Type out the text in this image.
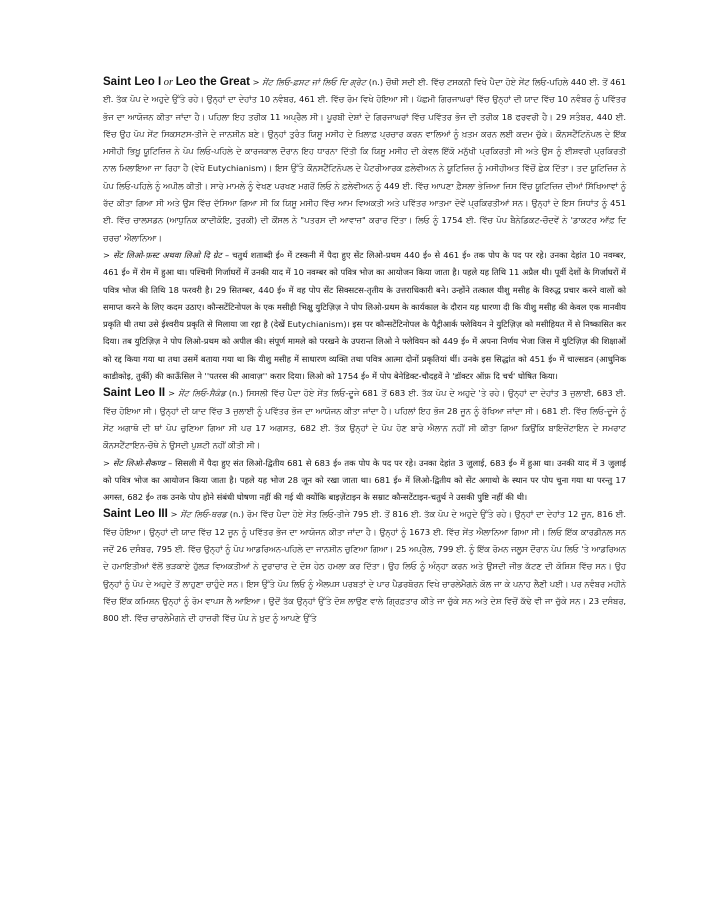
Saint Leo I or Leo the Great > ਸੇਂਟ ਲਿਓ-ਫ਼ਸਟ ਜਾਂ ਲਿਓ ਦਿ ਗ੍ਰੇਟ (n.) ਚੌਥੀ ਸਦੀ ਈ. ਵਿੱਚ ਟਸਕਨੀ ਵਿਖੇ ਪੈਦਾ ਹੋਏ ਸੇਂਟ ਲਿਓ-ਪਹਿਲੇ 440 ਈ. ਤੋਂ 461 ਈ. ਤੱਕ ਪੋਪ ਦੇ ਅਹੁਦੇ ਉੱਤੇ ਰਹੇ। ਉਨ੍ਹਾਂ ਦਾ ਦੇਹਾਂਤ 10 ਨਵੰਬਰ, 461 ਈ. ਵਿੱਚ ਰੋਮ ਵਿਖੇ ਹੋਇਆ ਸੀ। ਪੱਛਮੀ ਗਿਰਜਾਘਰਾਂ ਵਿੱਚ ਉਨ੍ਹਾਂ ਦੀ ਯਾਦ ਵਿੱਚ 10 ਨਵੰਬਰ ਨੂੰ ਪਵਿੱਤਰ ਭੋਜ ਦਾ ਆਯੋਜਨ ਕੀਤਾ ਜਾਂਦਾ ਹੈ। ਪਹਿਲਾ ਇਹ ਤਰੀਕ 11 ਅਪ੍ਰੈਲ ਸੀ। ਪੂਰਬੀ ਦੇਸ਼ਾਂ ਦੇ ਗਿਰਜਾਘਰਾਂ ਵਿੱਚ ਪਵਿੱਤਰ ਭੋਜ ਦੀ ਤਰੀਕ 18 ਫਰਵਰੀ ਹੈ। 29 ਸਤੰਬਰ, 440 ਈ. ਵਿੱਚ ਉਹ ਪੋਪ ਸੇਂਟ ਸਿਕਸਟਸ-ਤੀਜੇ ਦੇ ਜਾਨਸ਼ੀਨ ਬਣੇ। ਉਨ੍ਹਾਂ ਤੁਰੰਤ ਯਿਸੂ ਮਸੀਹ ਦੇ ਖ਼ਿਲਾਫ਼ ਪ੍ਰਚਾਰ ਕਰਨ ਵਾਲਿਆਂ ਨੂੰ ਖ਼ਤਮ ਕਰਨ ਲਈ ਕਦਮ ਚੁੱਕੇ। ਕੌਨਸਟੈਂਟਿਨੋਪਲ ਦੇ ਇੱਕ ਮਸੀਹੀ ਭਿਖ਼ੂ ਯੂਟਿਜ਼ਿਜ਼ ਨੇ ਪੋਪ ਲਿਓ-ਪਹਿਲੇ ਦੇ ਕਾਰਜਕਾਲ ਦੌਰਾਨ ਇਹ ਧਾਰਨਾ ਦਿੱਤੀ ਕਿ ਯਿਸੂ ਮਸੀਹ ਦੀ ਕੇਵਲ ਇੱਕੋ ਮਨੁੱਖੀ ਪ੍ਰਕਿਰਤੀ ਸੀ ਅਤੇ ਉਸ ਨੂੰ ਈਸ਼ਵਰੀ ਪ੍ਰਕਿਰਤੀ ਨਾਲ ਮਿਲਾਇਆ ਜਾ ਰਿਹਾ ਹੈ (ਵੇਖੋ Eutychianism)। ਇਸ ਉੱਤੇ ਕੌਨਸਟੈਂਟਿਨੋਪਲ ਦੇ ਪੈਟਰੀਆਰਕ ਫ਼ਲੇਵੀਅਨ ਨੇ ਯੂਟਿਜ਼ਿਜ਼ ਨੂੰ ਮਸੀਹੀਅਤ ਵਿੱਚੋਂ ਛੇਕ ਦਿੱਤਾ। ਤਦ ਯੂਟਿਜ਼ਿਜ਼ ਨੇ ਪੋਪ ਲਿਓ-ਪਹਿਲੇ ਨੂੰ ਅਪੀਲ ਕੀਤੀ। ਸਾਰੇ ਮਾਮਲੇ ਨੂੰ ਵੇਖਣ ਪਰਖਣ ਮਗਰੋਂ ਲਿਓ ਨੇ ਫ਼ਲੇਵੀਅਨ ਨੂੰ 449 ਈ. ਵਿੱਚ ਆਪਣਾ ਫ਼ੈਸਲਾ ਭੇਜਿਆ ਜਿਸ ਵਿੱਚ ਯੂਟਿਜ਼ਿਜ਼ ਦੀਆਂ ਸਿੱਖਿਆਵਾਂ ਨੂੰ ਰੱਦ ਕੀਤਾ ਗਿਆ ਸੀ ਅਤੇ ਉਸ ਵਿੱਚ ਦੱਸਿਆ ਗਿਆ ਸੀ ਕਿ ਯਿਸੂ ਮਸੀਹ ਵਿੱਚ ਆਮ ਵਿਅਕਤੀ ਅਤੇ ਪਵਿੱਤਰ ਆਤਮਾ ਦੋਵੇਂ ਪ੍ਰਕਿਰਤੀਆਂ ਸਨ। ਉਨ੍ਹਾਂ ਦੇ ਇਸ ਸਿਧਾਂਤ ਨੂੰ 451 ਈ. ਵਿੱਚ ਚਾਲਸਡਨ (ਆਧੁਨਿਕ ਕਾਦੀਕੋਇ, ਤੁਰਕੀ) ਦੀ ਕੌਂਸਲ ਨੇ "ਪਤਰਸ ਦੀ ਆਵਾਜ਼" ਕਰਾਰ ਦਿੱਤਾ। ਲਿਓ ਨੂੰ 1754 ਈ. ਵਿੱਚ ਪੋਪ ਬੈਨੇਡਿਕਟ-ਚੌਦਵੇਂ ਨੇ 'ਡਾਕਟਰ ਆੱਫ਼ ਦਿ ਚਰਚ' ਐਲਾਨਿਆ।

> सेंट लिओ-फ़स्ट अथवा लिओ दि ग्रेट – चतुर्थ शताब्दी ई० में टस्कनी में पैदा हुए सेंट लिओ-प्रथम 440 ई० से 461 ई० तक पोप के पद पर रहे। उनका देहांत 10 नवम्बर, 461 ई० में रोम में हुआ था। पश्चिमी गिर्जाघरों में उनकी याद में 10 नवम्बर को पवित्र भोज का आयोजन किया जाता है। पहले यह तिथि 11 अप्रैल थी। पूर्वी देशों के गिर्जाघरों में पवित्र भोज की तिथि 18 फरवरी है। 29 सितम्बर, 440 ई० में वह पोप सेंट सिक्सटस-तृतीय के उत्तराधिकारी बने। उन्होंने तत्काल यीशु मसीह के विरुद्ध प्रचार करने वालों को समाप्त करने के लिए कदम उठाए। कौन्सटेंटिनोपल के एक मसीही भिक्षु युटिज़िज़ ने पोप लिओ-प्रथम के कार्यकाल के दौरान यह धारणा दी कि यीशु मसीह की केवल एक मानवीय प्रकृति थी तथा उसे ईश्वरीय प्रकृति से मिलाया जा रहा है (देखें Eutychianism)। इस पर कौन्सटेंटिनोपल के पैट्रीआर्क फ्लेवियन ने युटिज़िज़ को मसीहियत में से निष्कासित कर दिया। तब युटिज़िज़ ने पोप लिओ-प्रथम को अपील की। संपूर्ण मामले को परखने के उपरान्त लिओ ने फ्लेवियन को 449 ई० में अपना निर्णय भेजा जिस में युटिज़िज़ की शिक्षाओं को रद्द किया गया था तथा उसमें बताया गया था कि यीशु मसीह में साधारण व्यक्ति तथा पवित्र आत्मा दोनों प्रकृतियां थीं। उनके इस सिद्धांत को 451 ई० में चाल्सडन (आधुनिक काडीकोइ, तुर्की) की काऊँसिल ने ''पतरस की आवाज़'' करार दिया। लिओ को 1754 ई० में पोप बेनेडिक्ट-चौदहवें ने 'डॉक्टर ऑफ़ दि चर्च' घोषित किया।

Saint Leo II > ਸੇਂਟ ਲਿਓ-ਸੈਕੰਡ (n.) ਸਿਸਲੀ ਵਿੱਚ ਪੈਦਾ ਹੋਏ ਸੇਂਤ ਲਿਓ-ਦੂਜੇ 681 ਤੋਂ 683 ਈ. ਤੱਕ ਪੋਪ ਦੇ ਅਹੁਦੇ 'ਤੇ ਰਹੇ। ਉਨ੍ਹਾਂ ਦਾ ਦੇਹਾਂਤ 3 ਜੁਲਾਈ, 683 ਈ. ਵਿੱਚ ਹੋਇਆ ਸੀ। ਉਨ੍ਹਾਂ ਦੀ ਯਾਦ ਵਿੱਚ 3 ਜੁਲਾਈ ਨੂੰ ਪਵਿੱਤਰ ਭੋਜ ਦਾ ਆਯੋਜਨ ਕੀਤਾ ਜਾਂਦਾ ਹੈ। ਪਹਿਲਾਂ ਇਹ ਭੋਜ 28 ਜੂਨ ਨੂੰ ਰੱਖਿਆ ਜਾਂਦਾ ਸੀ। 681 ਈ. ਵਿੱਚ ਲਿਓ-ਦੂਜੇ ਨੂੰ ਸੇਂਟ ਅਗਾਥੋ ਦੀ ਥਾਂ ਪੋਪ ਚੁਣਿਆ ਗਿਆ ਸੀ ਪਰ 17 ਅਗਸਤ, 682 ਈ. ਤੱਕ ਉਨ੍ਹਾਂ ਦੇ ਪੋਪ ਹੋਣ ਬਾਰੇ ਐਲਾਨ ਨਹੀਂ ਸੀ ਕੀਤਾ ਗਿਆ ਕਿਉਂਕਿ ਬਾਇਜ਼ੇਂਟਾਇਨ ਦੇ ਸਮਰਾਟ ਕੌਨਸਟੈਂਟਾਇਨ-ਚੌਥੇ ਨੇ ਉਸਦੀ ਪੁਸ਼ਟੀ ਨਹੀਂ ਕੀਤੀ ਸੀ।

> सेंट लिओ-सैकण्ड – सिसली में पैदा हुए संत लिओ-द्वितीय 681 से 683 ई० तक पोप के पद पर रहे। उनका देहांत 3 जुलाई, 683 ई० में हुआ था। उनकी याद में 3 जुलाई को पवित्र भोज का आयोजन किया जाता है। पहले यह भोज 28 जून को रखा जाता था। 681 ई० में लिओ-द्वितीय को सेंट अगाथो के स्थान पर पोप चुना गया था परन्तु 17 अगस्त, 682 ई० तक उनके पोप होने संबंधी घोषणा नहीं की गई थी क्योंकि बाइज़ेंटाइन के सम्राट कौन्सटेंटाइन-चतुर्थ ने उसकी पुष्टि नहीं की थी।

Saint Leo III > ਸੇਂਟ ਲਿਓ-ਥਰਡ (n.) ਰੋਮ ਵਿੱਚ ਪੈਦਾ ਹੋਏ ਸੇਂਤ ਲਿਓ-ਤੀਜੇ 795 ਈ. ਤੋਂ 816 ਈ. ਤੱਕ ਪੋਪ ਦੇ ਅਹੁਦੇ ਉੱਤੇ ਰਹੇ। ਉਨ੍ਹਾਂ ਦਾ ਦੇਹਾਂਤ 12 ਜੂਨ, 816 ਈ. ਵਿੱਚ ਹੋਇਆ। ਉਨ੍ਹਾਂ ਦੀ ਯਾਦ ਵਿੱਚ 12 ਜੂਨ ਨੂੰ ਪਵਿੱਤਰ ਭੋਜ ਦਾ ਆਯੋਜਨ ਕੀਤਾ ਜਾਂਦਾ ਹੈ। ਉਨ੍ਹਾਂ ਨੂੰ 1673 ਈ. ਵਿੱਚ ਸੇਂਤ ਐਲਾਨਿਆ ਗਿਆ ਸੀ। ਲਿਓ ਇੱਕ ਕਾਰਡੀਨਲ ਸਨ ਜਦੋਂ 26 ਦਸੰਬਰ, 795 ਈ. ਵਿੱਚ ਉਨ੍ਹਾਂ ਨੂੰ ਪੋਪ ਆਡਰਿਅਨ-ਪਹਿਲੇ ਦਾ ਜਾਨਸ਼ੀਨ ਚੁਣਿਆ ਗਿਆ। 25 ਅਪ੍ਰੈਲ, 799 ਈ. ਨੂੰ ਇੱਕ ਰੋਮਨ ਜਲੂਸ ਦੌਰਾਨ ਪੋਪ ਲਿਓ 'ਤੇ ਆਡਰਿਅਨ ਦੇ ਹਮਾਇਤੀਆਂ ਵੱਲੋਂ ਭੜਕਾਏ ਹੁੱਲੜ ਵਿਅਕਤੀਆਂ ਨੇ ਦੁਰਾਚਾਰ ਦੇ ਦੋਸ਼ ਹੇਠ ਹਮਲਾ ਕਰ ਦਿੱਤਾ। ਉਹ ਲਿਓ ਨੂੰ ਅੰਨ੍ਹਾ ਕਰਨ ਅਤੇ ਉਸਦੀ ਜੀਭ ਕੱਟਣ ਦੀ ਕੋਸ਼ਿਸ਼ ਵਿੱਚ ਸਨ। ਉਹ ਉਨ੍ਹਾਂ ਨੂੰ ਪੋਪ ਦੇ ਅਹੁਦੇ ਤੋਂ ਲਾਹੁਣਾ ਚਾਹੁੰਦੇ ਸਨ। ਇਸ ਉੱਤੇ ਪੋਪ ਲਿਓ ਨੂੰ ਐਲਪਸ ਪਰਬਤਾਂ ਦੇ ਪਾਰ ਪੈਡਰਬੋਰਨ ਵਿਖੇ ਚਾਰਲੇਮੈਗਨੇ ਕੋਲ ਜਾ ਕੇ ਪਨਾਹ ਲੈਣੀ ਪਈ। ਪਰ ਨਵੰਬਰ ਮਹੀਨੇ ਵਿੱਚ ਇੱਕ ਕਮਿਸ਼ਨ ਉਨ੍ਹਾਂ ਨੂੰ ਰੋਮ ਵਾਪਸ ਲੈ ਆਇਆ। ਉਦੋਂ ਤੱਕ ਉਨ੍ਹਾਂ ਉੱਤੇ ਦੋਸ਼ ਲਾਉਣ ਵਾਲੇ ਗ੍ਰਿਫ਼ਤਾਰ ਕੀਤੇ ਜਾ ਚੁੱਕੇ ਸਨ ਅਤੇ ਦੇਸ਼ ਵਿਚੋਂ ਕੱਢੇ ਵੀ ਜਾ ਚੁੱਕੇ ਸਨ। 23 ਦਸੰਬਰ, 800 ਈ. ਵਿੱਚ ਚਾਰਲੇਮੈਗਨੇ ਦੀ ਹਾਜ਼ਰੀ ਵਿੱਚ ਪੋਪ ਨੇ ਖ਼ੁਦ ਨੂੰ ਆਪਣੇ ਉੱਤੇ
